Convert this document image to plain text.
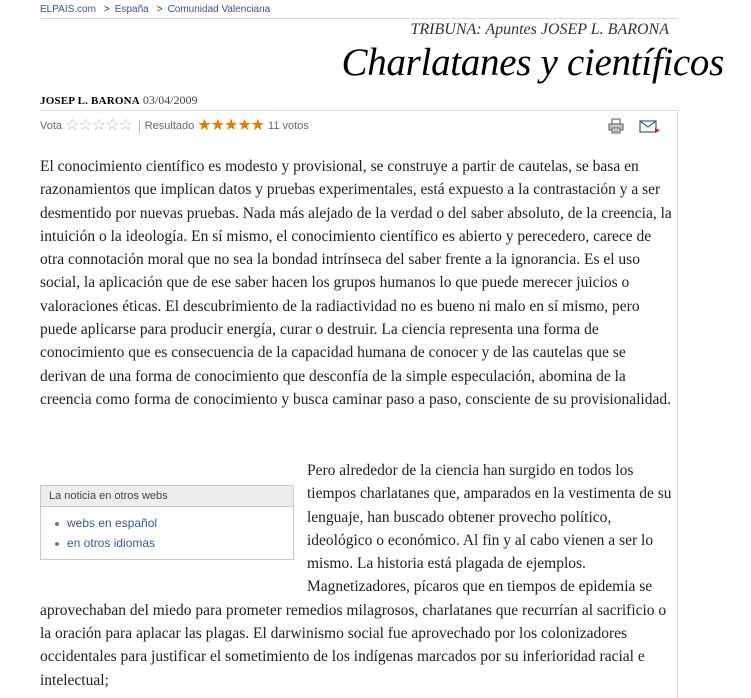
ELPAIS.com > España > Comunidad Valenciana
TRIBUNA: Apuntes JOSEP L. BARONA
Charlatanes y científicos
JOSEP L. BARONA 03/04/2009
Vota ☆☆☆☆☆ Resultado ★★★★★ 11 votos

El conocimiento científico es modesto y provisional, se construye a partir de cautelas, se basa en razonamientos que implican datos y pruebas experimentales, está expuesto a la contrastación y a ser desmentido por nuevas pruebas. Nada más alejado de la verdad o del saber absoluto, de la creencia, la intuición o la ideología. En sí mismo, el conocimiento científico es abierto y perecedero, carece de otra connotación moral que no sea la bondad intrínseca del saber frente a la ignorancia. Es el uso social, la aplicación que de ese saber hacen los grupos humanos lo que puede merecer juicios o valoraciones éticas. El descubrimiento de la radiactividad no es bueno ni malo en sí mismo, pero puede aplicarse para producir energía, curar o destruir. La ciencia representa una forma de conocimiento que es consecuencia de la capacidad humana de conocer y de las cautelas que se derivan de una forma de conocimiento que desconfía de la simple especulación, abomina de la creencia como forma de conocimiento y busca caminar paso a paso, consciente de su provisionalidad.

Pero alrededor de la ciencia han surgido en todos los tiempos charlatanes que, amparados en la vestimenta de su lenguaje, han buscado obtener provecho político, ideológico o económico. Al fin y al cabo vienen a ser lo mismo. La historia está plagada de ejemplos. Magnetizadores, pícaros que en tiempos de epidemia se aprovechaban del miedo para prometer remedios milagrosos, charlatanes que recurrían al sacrificio o la oración para aplacar las plagas. El darwinismo social fue aprovechado por los colonizadores occidentales para justificar el sometimiento de los indígenas marcados por su inferioridad racial e intelectual;
La noticia en otros webs
webs en español
en otros idiomas
